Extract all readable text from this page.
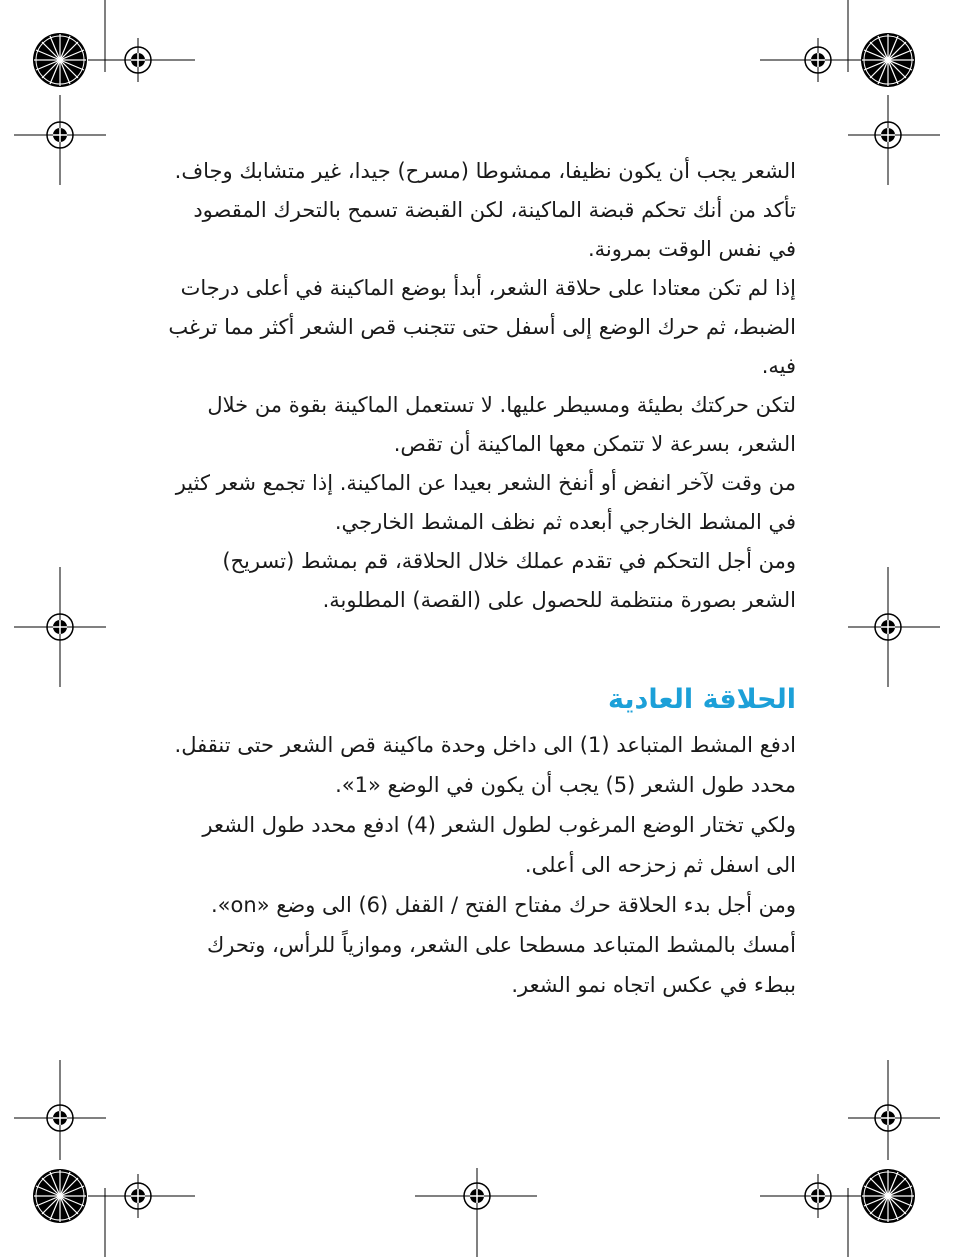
الشعر يجب أن يكون نظيفا، ممشوطا (مسرح) جيدا، غير متشابك وجاف.

تأكد من أنك تحكم قبضة الماكينة، لكن القبضة تسمح بالتحرك المقصود في نفس الوقت بمرونة.

إذا لم تكن معتادا على حلاقة الشعر، أبدأ بوضع الماكينة في أعلى درجات الضبط، ثم حرك الوضع إلى أسفل حتى تتجنب قص الشعر أكثر مما ترغب فيه.

لتكن حركتك بطيئة ومسيطر عليها. لا تستعمل الماكينة بقوة من خلال الشعر، بسرعة لا تتمكن معها الماكينة أن تقص.

من وقت لآخر انفض أو أنفخ الشعر بعيدا عن الماكينة. إذا تجمع شعر كثير في المشط الخارجي أبعده ثم نظف المشط الخارجي.

ومن أجل التحكم في تقدم عملك خلال الحلاقة، قم بمشط (تسريح) الشعر بصورة منتظمة للحصول على (القصة) المطلوبة.

الحلاقة العادية

ادفع المشط المتباعد (1) الى داخل وحدة ماكينة قص الشعر حتى تنقفل.

محدد طول الشعر (5) يجب أن يكون في الوضع «1».

ولكي تختار الوضع المرغوب لطول الشعر (4) ادفع محدد طول الشعر الى اسفل ثم زحزحه الى أعلى.

ومن أجل بدء الحلاقة حرك مفتاح الفتح / القفل (6) الى وضع «on».

أمسك بالمشط المتباعد مسطحا على الشعر، وموازياً للرأس، وتحرك ببطء في عكس اتجاه نمو الشعر.
